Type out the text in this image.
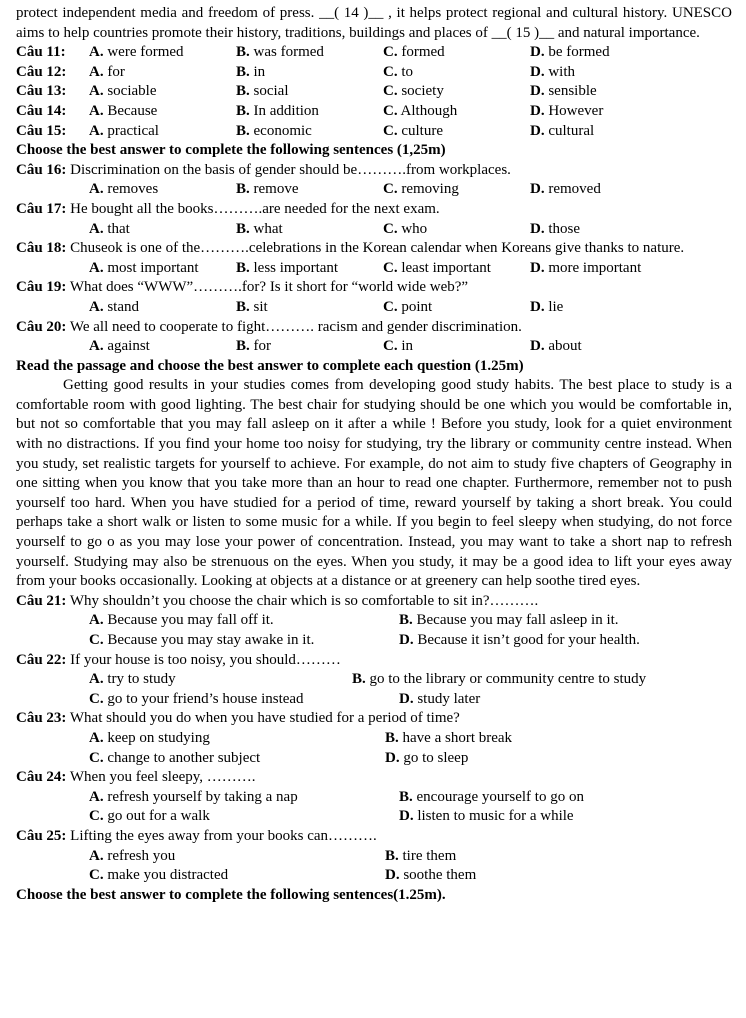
protect independent media and freedom of press. __( 14 )__ , it helps protect regional and cultural history. UNESCO aims to help countries promote their history, traditions, buildings and places of __( 15 )__ and natural importance.

Câu 11:	A. were formed	B. was formed	C. formed	D. be formed
Câu 12:	A. for	B. in	C. to	D. with
Câu 13:	A. sociable	B. social	C. society	D. sensible
Câu 14:	A. Because	B. In addition	C. Although	D. However
Câu 15:	A. practical	B. economic	C. culture	D. cultural

Choose the best answer to complete the following sentences (1,25m)

Câu 16: Discrimination on the basis of gender should be……….from workplaces.

A. removes	B. remove	C. removing	D. removed

Câu 17: He bought all the books……….are needed for the next exam.

A. that	B. what	C. who	D. those

Câu 18: Chuseok is one of the……….celebrations in the Korean calendar when Koreans give thanks to nature.

A. most important	B. less important	C. least important	D. more important

Câu 19: What does “WWW”……….for? Is it short for “world wide web?”

A. stand	B. sit	C. point	D. lie

Câu 20: We all need to cooperate to fight………. racism and gender discrimination.

A. against	B. for	C. in	D. about

Read the passage and choose the best answer to complete each question (1.25m)

Getting good results in your studies comes from developing good study habits. The best place to study is a comfortable room with good lighting. The best chair for studying should be one which you would be comfortable in, but not so comfortable that you may fall asleep on it after a while ! Before you study, look for a quiet environment with no distractions. If you find your home too noisy for studying, try the library or community centre instead. When you study, set realistic targets for yourself to achieve. For example, do not aim to study five chapters of Geography in one sitting when you know that you take more than an hour to read one chapter. Furthermore, remember not to push yourself too hard. When you have studied for a period of time, reward yourself by taking a short break. You could perhaps take a short walk or listen to some music for a while. If you begin to feel sleepy when studying, do not force yourself to go o as you may lose your power of concentration. Instead, you may want to take a short nap to refresh yourself. Studying may also be strenuous on the eyes. When you study, it may be a good idea to lift your eyes away from your books occasionally. Looking at objects at a distance or at greenery can help soothe tired eyes.

Câu 21: Why shouldn’t you choose the chair which is so comfortable to sit in?……….

A. Because you may fall off it.	B. Because you may fall asleep in it.
C. Because you may stay awake in it.	D. Because it isn’t good for your health.

Câu 22: If your house is too noisy, you should………

A. try to study	B. go to the library or community centre to study
C. go to your friend’s house instead	D. study later

Câu 23: What should you do when you have studied for a period of time?

A. keep on studying	B. have a short break
C. change to another subject	D. go to sleep

Câu 24: When you feel sleepy, ……….

A. refresh yourself by taking a nap	B. encourage yourself to go on
C. go out for a walk	D. listen to music for a while

Câu 25: Lifting the eyes away from your books can……….

A. refresh you	B. tire them
C. make you distracted	D. soothe them

Choose the best answer to complete the following sentences(1.25m).
